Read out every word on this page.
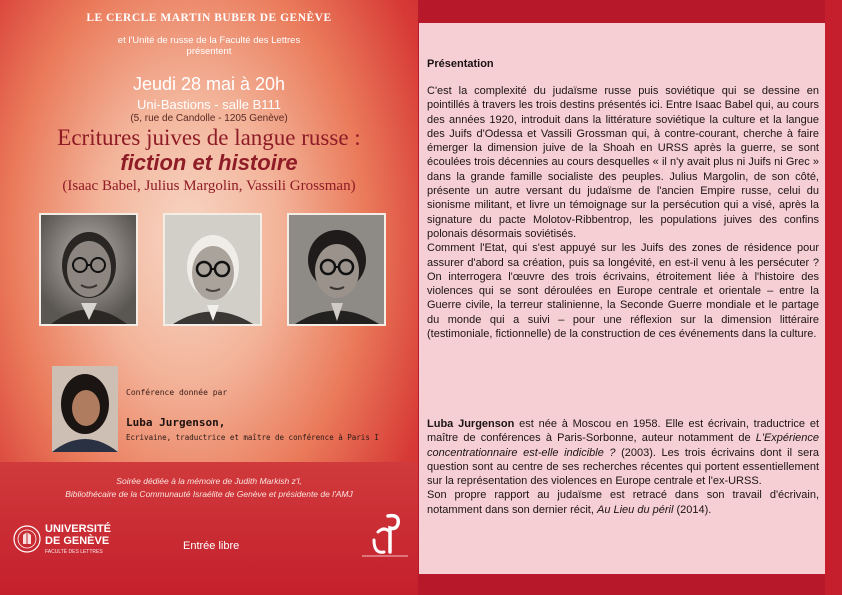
LE CERCLE MARTIN BUBER DE GENÈVE
et l'Unité de russe de la Faculté des Lettres
présentent
Jeudi 28 mai à 20h
Uni-Bastions - salle B111
(5, rue de Candolle - 1205 Genève)
Ecritures juives de langue russe :
fiction et histoire
(Isaac Babel, Julius Margolin, Vassili Grossman)
Conférence donnée par
Luba Jurgenson,
Ecrivaine, traductrice et maître de conférence à Paris I
Soirée dédiée à la mémoire de Judith Markish z'l,
Bibliothécaire de la Communauté Israélite de Genève et présidente de l'AMJ
UNIVERSITÉ
DE GENÈVE
FACULTÉ DES LETTRES	Entrée libre
Présentation

C'est la complexité du judaïsme russe puis soviétique qui se dessine en pointillés à travers les trois destins présentés ici. Entre Isaac Babel qui, au cours des années 1920, introduit dans la littérature soviétique la culture et la langue des Juifs d'Odessa et Vassili Grossman qui, à contre-courant, cherche à faire émerger la dimension juive de la Shoah en URSS après la guerre, se sont écoulées trois décennies au cours desquelles « il n'y avait plus ni Juifs ni Grec » dans la grande famille socialiste des peuples. Julius Margolin, de son côté, présente un autre versant du judaïsme de l'ancien Empire russe, celui du sionisme militant, et livre un témoignage sur la persécution qui a visé, après la signature du pacte Molotov-Ribbentrop, les populations juives des confins polonais désormais soviétisés.

Comment l'Etat, qui s'est appuyé sur les Juifs des zones de résidence pour assurer d'abord sa création, puis sa longévité, en est-il venu à les persécuter ? On interrogera l'œuvre des trois écrivains, étroitement liée à l'histoire des violences qui se sont déroulées en Europe centrale et orientale – entre la Guerre civile, la terreur stalinienne, la Seconde Guerre mondiale et le partage du monde qui a suivi – pour une réflexion sur la dimension littéraire (testimoniale, fictionnelle) de la construction de ces événements dans la culture.

Luba Jurgenson est née à Moscou en 1958. Elle est écrivain, traductrice et maître de conférences à Paris-Sorbonne, auteur notamment de L'Expérience concentrationnaire est-elle indicible ? (2003). Les trois écrivains dont il sera question sont au centre de ses recherches récentes qui portent essentiellement sur la représentation des violences en Europe centrale et l'ex-URSS.

Son propre rapport au judaïsme est retracé dans son travail d'écrivain, notamment dans son dernier récit, Au Lieu du péril (2014).
